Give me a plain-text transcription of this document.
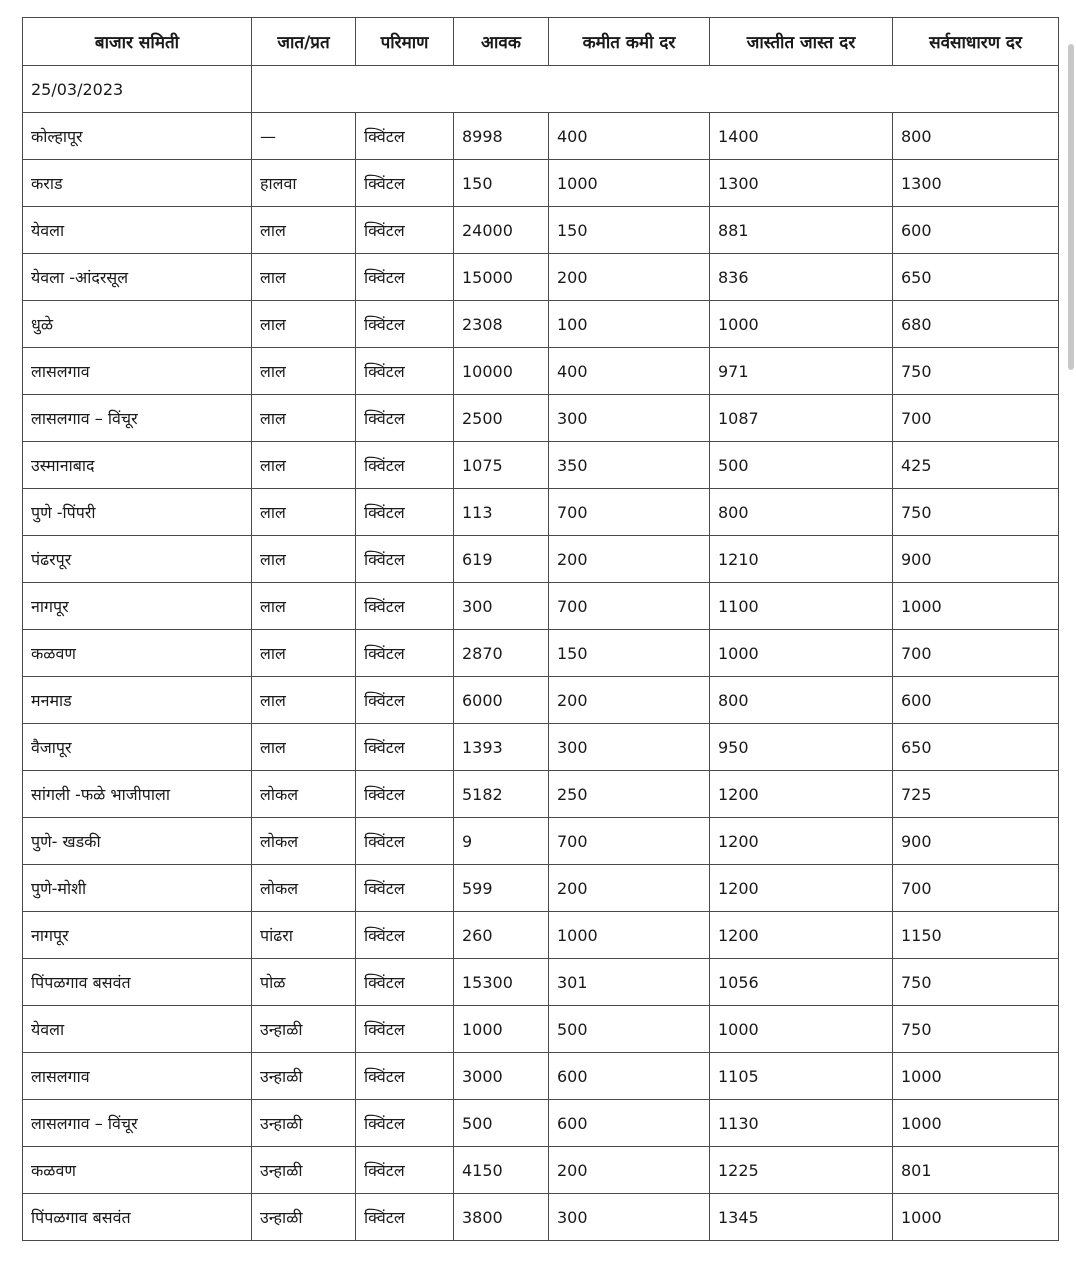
बाजार समिती	जात/प्रत	परिमाण	आवक	कमीत कमी दर	जास्तीत जास्त दर	सर्वसाधारण दर
25/03/2023						
कोल्हापूर	—	क्विंटल	8998	400	1400	800
कराड	हालवा	क्विंटल	150	1000	1300	1300
येवला	लाल	क्विंटल	24000	150	881	600
येवला -आंदरसूल	लाल	क्विंटल	15000	200	836	650
धुळे	लाल	क्विंटल	2308	100	1000	680
लासलगाव	लाल	क्विंटल	10000	400	971	750
लासलगाव – विंचूर	लाल	क्विंटल	2500	300	1087	700
उस्मानाबाद	लाल	क्विंटल	1075	350	500	425
पुणे -पिंपरी	लाल	क्विंटल	113	700	800	750
पंढरपूर	लाल	क्विंटल	619	200	1210	900
नागपूर	लाल	क्विंटल	300	700	1100	1000
कळवण	लाल	क्विंटल	2870	150	1000	700
मनमाड	लाल	क्विंटल	6000	200	800	600
वैजापूर	लाल	क्विंटल	1393	300	950	650
सांगली -फळे भाजीपाला	लोकल	क्विंटल	5182	250	1200	725
पुणे- खडकी	लोकल	क्विंटल	9	700	1200	900
पुणे-मोशी	लोकल	क्विंटल	599	200	1200	700
नागपूर	पांढरा	क्विंटल	260	1000	1200	1150
पिंपळगाव बसवंत	पोळ	क्विंटल	15300	301	1056	750
येवला	उन्हाळी	क्विंटल	1000	500	1000	750
लासलगाव	उन्हाळी	क्विंटल	3000	600	1105	1000
लासलगाव – विंचूर	उन्हाळी	क्विंटल	500	600	1130	1000
कळवण	उन्हाळी	क्विंटल	4150	200	1225	801
पिंपळगाव बसवंत	उन्हाळी	क्विंटल	3800	300	1345	1000
